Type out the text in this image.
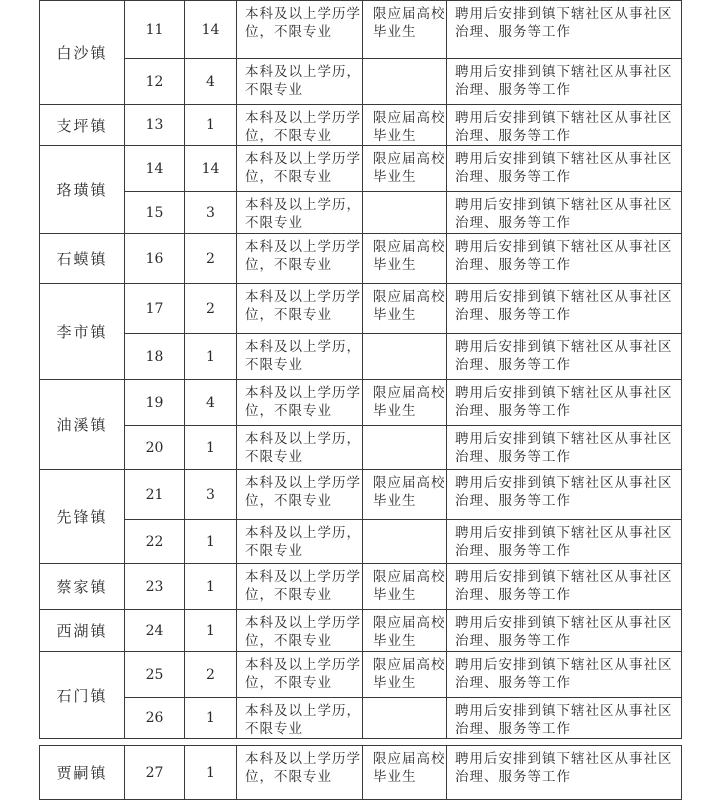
白沙镇	11	14	本科及以上学历学位，不限专业	限应届高校毕业生	聘用后安排到镇下辖社区从事社区治理、服务等工作
	12	4	本科及以上学历，不限专业		聘用后安排到镇下辖社区从事社区治理、服务等工作
支坪镇	13	1	本科及以上学历学位，不限专业	限应届高校毕业生	聘用后安排到镇下辖社区从事社区治理、服务等工作
珞璜镇	14	14	本科及以上学历学位，不限专业	限应届高校毕业生	聘用后安排到镇下辖社区从事社区治理、服务等工作
	15	3	本科及以上学历，不限专业		聘用后安排到镇下辖社区从事社区治理、服务等工作
石蟆镇	16	2	本科及以上学历学位，不限专业	限应届高校毕业生	聘用后安排到镇下辖社区从事社区治理、服务等工作
李市镇	17	2	本科及以上学历学位，不限专业	限应届高校毕业生	聘用后安排到镇下辖社区从事社区治理、服务等工作
	18	1	本科及以上学历，不限专业		聘用后安排到镇下辖社区从事社区治理、服务等工作
油溪镇	19	4	本科及以上学历学位，不限专业	限应届高校毕业生	聘用后安排到镇下辖社区从事社区治理、服务等工作
	20	1	本科及以上学历，不限专业		聘用后安排到镇下辖社区从事社区治理、服务等工作
先锋镇	21	3	本科及以上学历学位，不限专业	限应届高校毕业生	聘用后安排到镇下辖社区从事社区治理、服务等工作
	22	1	本科及以上学历，不限专业		聘用后安排到镇下辖社区从事社区治理、服务等工作
蔡家镇	23	1	本科及以上学历学位，不限专业	限应届高校毕业生	聘用后安排到镇下辖社区从事社区治理、服务等工作
西湖镇	24	1	本科及以上学历学位，不限专业	限应届高校毕业生	聘用后安排到镇下辖社区从事社区治理、服务等工作
石门镇	25	2	本科及以上学历学位，不限专业	限应届高校毕业生	聘用后安排到镇下辖社区从事社区治理、服务等工作
	26	1	本科及以上学历，不限专业		聘用后安排到镇下辖社区从事社区治理、服务等工作
贾嗣镇	27	1	本科及以上学历学位，不限专业	限应届高校毕业生	聘用后安排到镇下辖社区从事社区治理、服务等工作
